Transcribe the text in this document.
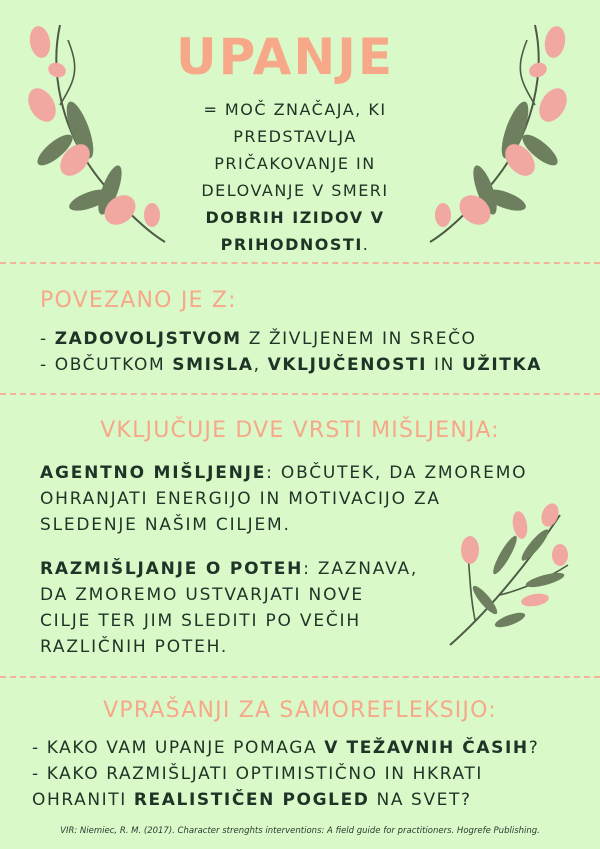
UPANJE
= MOČ ZNAČAJA, KI
PREDSTAVLJA
PRIČAKOVANJE IN
DELOVANJE V SMERI
DOBRIH IZIDOV V
PRIHODNOSTI.
POVEZANO JE Z:
- ZADOVOLJSTVOM Z ŽIVLJENEM IN SREČO
- OBČUTKOM SMISLA, VKLJUČENOSTI IN UŽITKA
VKLJUČUJE DVE VRSTI MIŠLJENJA:
AGENTNO MIŠLJENJE: OBČUTEK, DA ZMOREMO
OHRANJATI ENERGIJO IN MOTIVACIJO ZA
SLEDENJE NAŠIM CILJEM.
RAZMIŠLJANJE O POTEH: ZAZNAVA,
DA ZMOREMO USTVARJATI NOVE
CILJE TER JIM SLEDITI PO VEČIH
RAZLIČNIH POTEH.
VPRAŠANJI ZA SAMOREFLEKSIJO:
- KAKO VAM UPANJE POMAGA V TEŽAVNIH ČASIH?
- KAKO RAZMIŠLJATI OPTIMISTIČNO IN HKRATI
OHRANITI REALISTIČEN POGLED NA SVET?
VIR: Niemiec, R. M. (2017). Character strenghts interventions: A field guide for practitioners. Hogrefe Publishing.
